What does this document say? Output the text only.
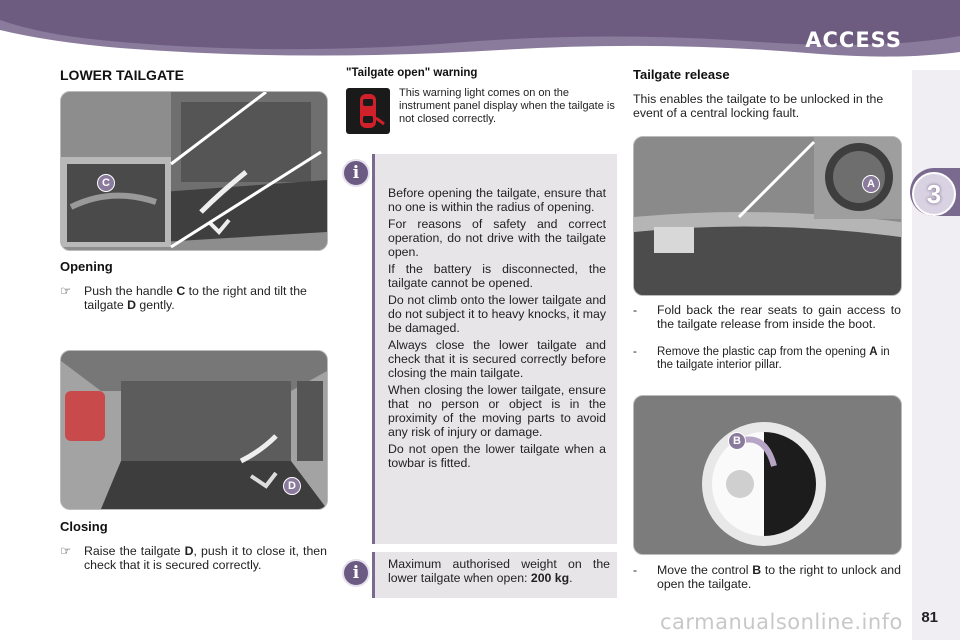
ACCESS
3
LOWER TAILGATE
C
Opening
☞ Push the handle C to the right and tilt the tailgate D gently.
D
Closing
☞ Raise the tailgate D, push it to close it, then check that it is secured correctly.
"Tailgate open" warning
This warning light comes on on the instrument panel display when the tailgate is not closed correctly.

Before opening the tailgate, ensure that no one is within the radius of opening.

For reasons of safety and correct operation, do not drive with the tailgate open.

If the battery is disconnected, the tailgate cannot be opened.

Do not climb onto the lower tailgate and do not subject it to heavy knocks, it may be damaged.

Always close the lower tailgate and check that it is secured correctly before closing the main tailgate.

When closing the lower tailgate, ensure that no person or object is in the proximity of the moving parts to avoid any risk of injury or damage.

Do not open the lower tailgate when a towbar is fitted.

i
Maximum authorised weight on the lower tailgate when open: 200 kg.
i
Tailgate release
This enables the tailgate to be unlocked in the event of a central locking fault.
A
-	Fold back the rear seats to gain access to the tailgate release from inside the boot.
-	Remove the plastic cap from the opening A in the tailgate interior pillar.
B
-	Move the control B to the right to unlock and open the tailgate.
carmanualsonline.info 81
